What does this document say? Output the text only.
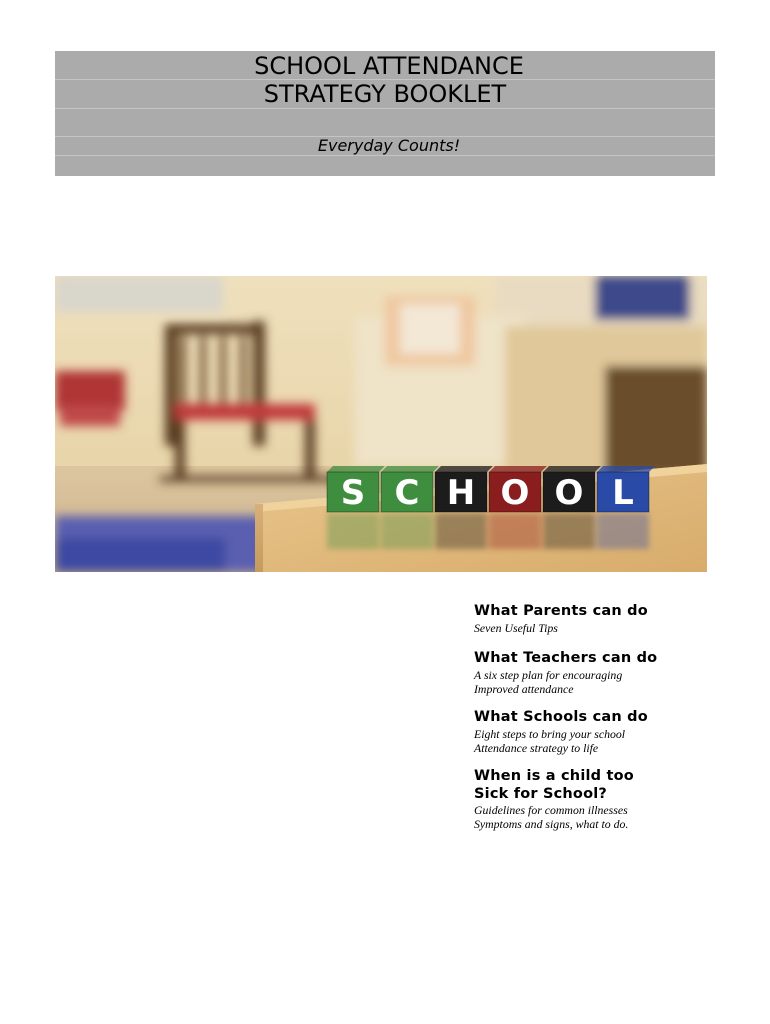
SCHOOL ATTENDANCE
STRATEGY BOOKLET
Everyday Counts!
S C H O O L

What Parents can do

Seven Useful Tips

What Teachers can do

A six step plan for encouraging

Improved attendance

What Schools can do

Eight steps to bring your school

Attendance strategy to life

When is a child too

Sick for School?

Guidelines for common illnesses

Symptoms and signs, what to do.
